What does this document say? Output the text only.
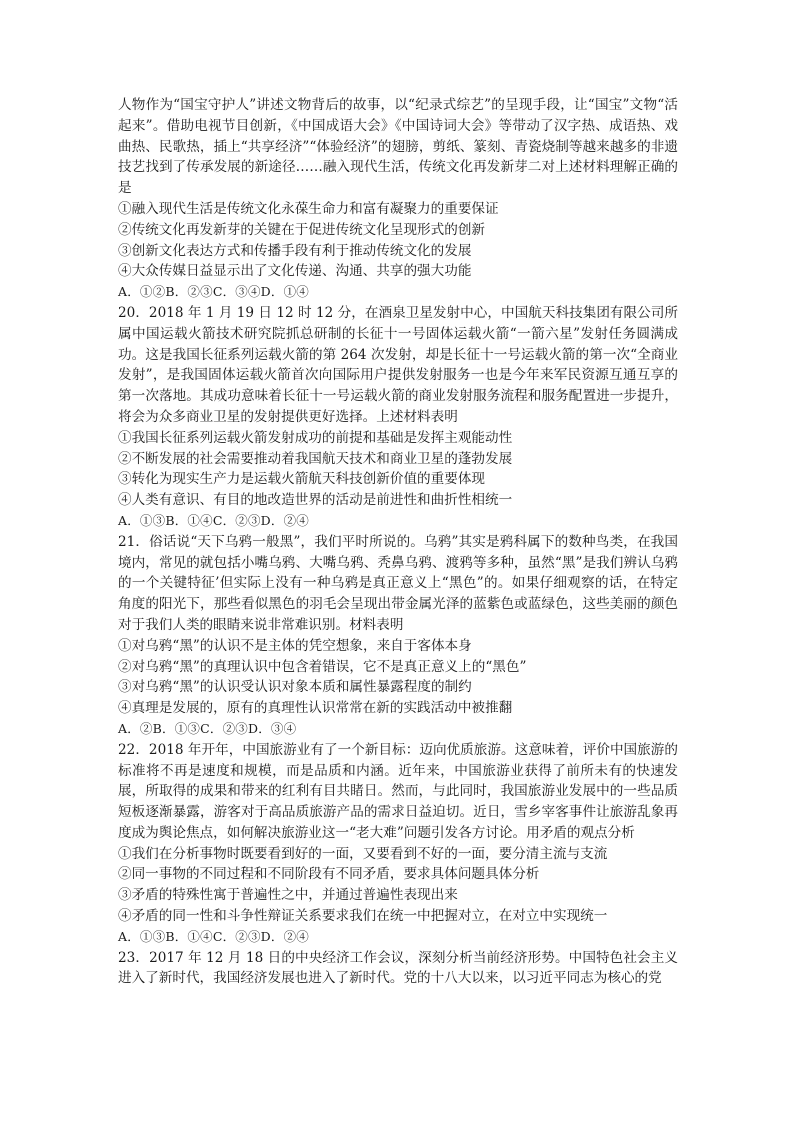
人物作为“国宝守护人”讲述文物背后的故事，以“纪录式综艺”的呈现手段，让“国宝”文物“活起来”。借助电视节目创新，《中国成语大会》《中国诗词大会》等带动了汉字热、成语热、戏曲热、民歌热，插上“共享经济”“体验经济”的翅膀，剪纸、篆刻、青瓷烧制等越来越多的非遗技艺找到了传承发展的新途径……融入现代生活，传统文化再发新芽二对上述材料理解正确的是

①融入现代生活是传统文化永葆生命力和富有凝聚力的重要保证

②传统文化再发新芽的关键在于促进传统文化呈现形式的创新

③创新文化表达方式和传播手段有利于推动传统文化的发展

④大众传媒日益显示出了文化传递、沟通、共享的强大功能

A．①②B．②③C．③④D．①④

20．2018 年 1 月 19 日 12 时 12 分，在酒泉卫星发射中心，中国航天科技集团有限公司所属中国运载火箭技术研究院抓总研制的长征十一号固体运载火箭“一箭六星”发射任务圆满成功。这是我国长征系列运载火箭的第 264 次发射，却是长征十一号运载火箭的第一次“全商业发射”，是我国固体运载火箭首次向国际用户提供发射服务一也是今年来军民资源互通互享的第一次落地。其成功意味着长征十一号运载火箭的商业发射服务流程和服务配置进一步提升，将会为众多商业卫星的发射提供更好选择。上述材料表明

①我国长征系列运载火箭发射成功的前提和基础是发挥主观能动性

②不断发展的社会需要推动着我国航天技术和商业卫星的蓬勃发展

③转化为现实生产力是运载火箭航天科技创新价值的重要体现

④人类有意识、有目的地改造世界的活动是前进性和曲折性相统一

A．①③B．①④C．②③D．②④

21．俗话说“天下乌鸦一般黑”，我们平时所说的。乌鸦”其实是鸦科属下的数种鸟类，在我国境内，常见的就包括小嘴乌鸦、大嘴乌鸦、秃鼻乌鸦、渡鸦等多种，虽然“黑”是我们辨认乌鸦的一个关键特征’但实际上没有一种乌鸦是真正意义上“黑色”的。如果仔细观察的话，在特定角度的阳光下，那些看似黑色的羽毛会呈现出带金属光泽的蓝紫色或蓝绿色，这些美丽的颜色对于我们人类的眼睛来说非常难识别。材料表明

①对乌鸦“黑”的认识不是主体的凭空想象，来自于客体本身

②对乌鸦“黑”的真理认识中包含着错误，它不是真正意义上的“黑色”

③对乌鸦“黑”的认识受认识对象本质和属性暴露程度的制约

④真理是发展的，原有的真理性认识常常在新的实践活动中被推翻

A．②B．①③C．②③D．③④

22．2018 年开年，中国旅游业有了一个新目标：迈向优质旅游。这意味着，评价中国旅游的标准将不再是速度和规模，而是品质和内涵。近年来，中国旅游业获得了前所未有的快速发展，所取得的成果和带来的红利有目共睹日。然而，与此同时，我国旅游业发展中的一些品质短板逐渐暴露，游客对于高品质旅游产品的需求日益迫切。近日，雪乡宰客事件让旅游乱象再度成为舆论焦点，如何解决旅游业这一“老大难”问题引发各方讨论。用矛盾的观点分析

①我们在分析事物时既要看到好的一面，又要看到不好的一面，要分清主流与支流

②同一事物的不同过程和不同阶段有不同矛盾，要求具体问题具体分析

③矛盾的特殊性寓于普遍性之中，并通过普遍性表现出来

④矛盾的同一性和斗争性辩证关系要求我们在统一中把握对立，在对立中实现统一

A．①③B．①④C．②③D．②④

23．2017 年 12 月 18 日的中央经济工作会议，深刻分析当前经济形势。中国特色社会主义进入了新时代，我国经济发展也进入了新时代。党的十八大以来，以习近平同志为核心的党
